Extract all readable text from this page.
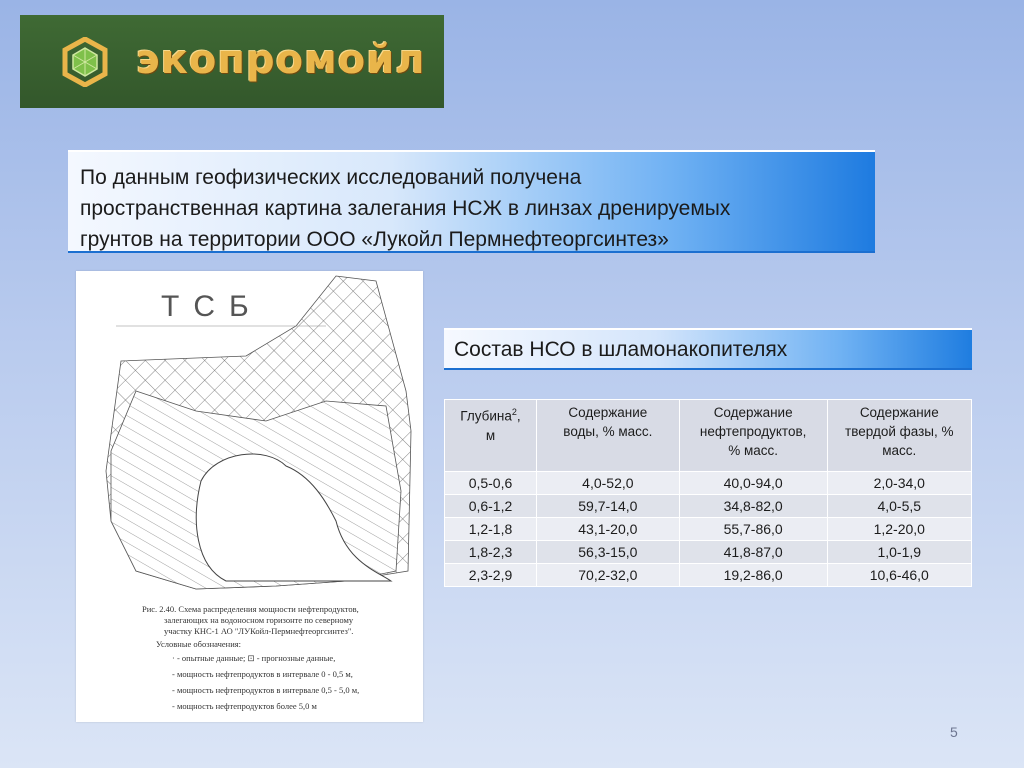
экопромойл
По данным геофизических исследований получена
пространственная картина залегания НСЖ в линзах дренируемых
грунтов на территории ООО «Лукойл Пермнефтеоргсинтез»
ТСБ
Рис. 2.40. Схема распределения мощности нефтепродуктов,
залегающих на водоносном горизонте по северному
участку КНС-1 АО "ЛУКойл-Пермнефтеоргсинтез".
Условные обозначения:
· - опытные данные; ⊡ - прогнозные данные,
- мощность нефтепродуктов в интервале 0 - 0,5 м,
- мощность нефтепродуктов в интервале 0,5 - 5,0 м,
- мощность нефтепродуктов более 5,0 м
Состав НСО в шламонакопителях
Глубина$^2$,
м	Содержание
воды, % масс.	Содержание
нефтепродуктов,
% масс.	Содержание
твердой фазы, %
масс.
0,5-0,6	4,0-52,0	40,0-94,0	2,0-34,0
0,6-1,2	59,7-14,0	34,8-82,0	4,0-5,5
1,2-1,8	43,1-20,0	55,7-86,0	1,2-20,0
1,8-2,3	56,3-15,0	41,8-87,0	1,0-1,9
2,3-2,9	70,2-32,0	19,2-86,0	10,6-46,0
5
